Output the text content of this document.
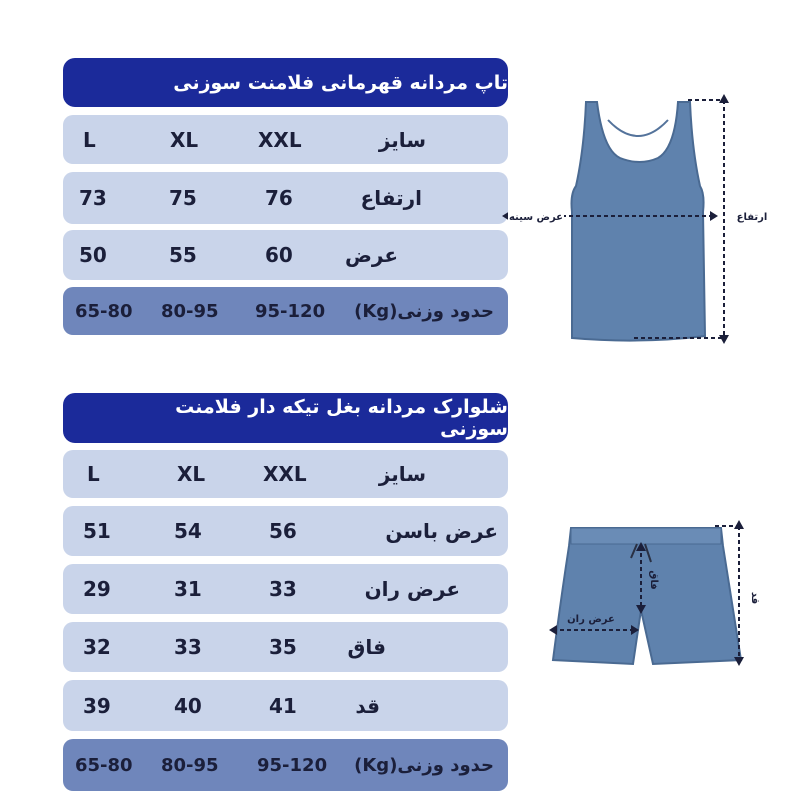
تاپ مردانه قهرمانی فلامنت سوزنی
L	XL	XXL	سایز
73	75	76	ارتفاع
50	55	60	عرض
65-80 80-95 95-120 حدود وزنی(Kg)
عرض سینه	ارتفاع
شلوارک مردانه بغل تیکه دار فلامنت سوزنی
L	XL	XXL	سایز
51	54	56	عرض باسن
29	31	33	عرض ران
32	33	35	فاق
39	40	41	قد
65-80 80-95 95-120 حدود وزنی(Kg)
عرض ران
فاق
قد
